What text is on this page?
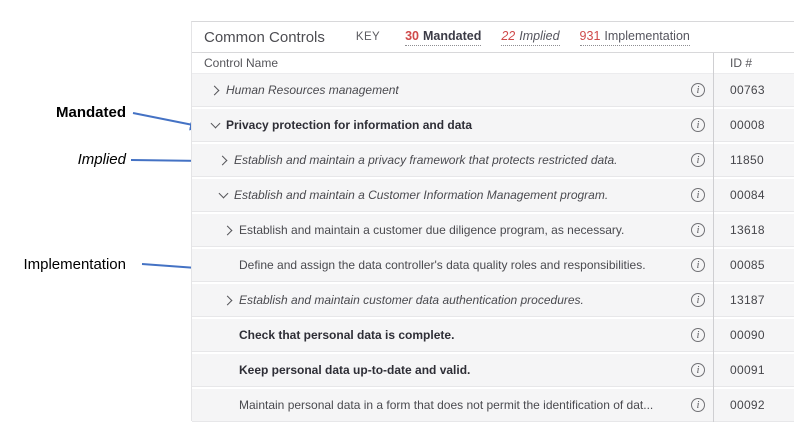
Mandated
Implied
Implementation
Common Controls	KEY 30 Mandated 22 Implied 931 Implementation
Control Name	ID #
Human Resources management	i	00763
Privacy protection for information and data	i	00008
Establish and maintain a privacy framework that protects restricted data.	i	11850
Establish and maintain a Customer Information Management program.	i	00084
Establish and maintain a customer due diligence program, as necessary.	i	13618
Define and assign the data controller's data quality roles and responsibilities.	i	00085
Establish and maintain customer data authentication procedures.	i	13187
Check that personal data is complete.	i	00090
Keep personal data up-to-date and valid.	i	00091
Maintain personal data in a form that does not permit the identification of dat...	i	00092
